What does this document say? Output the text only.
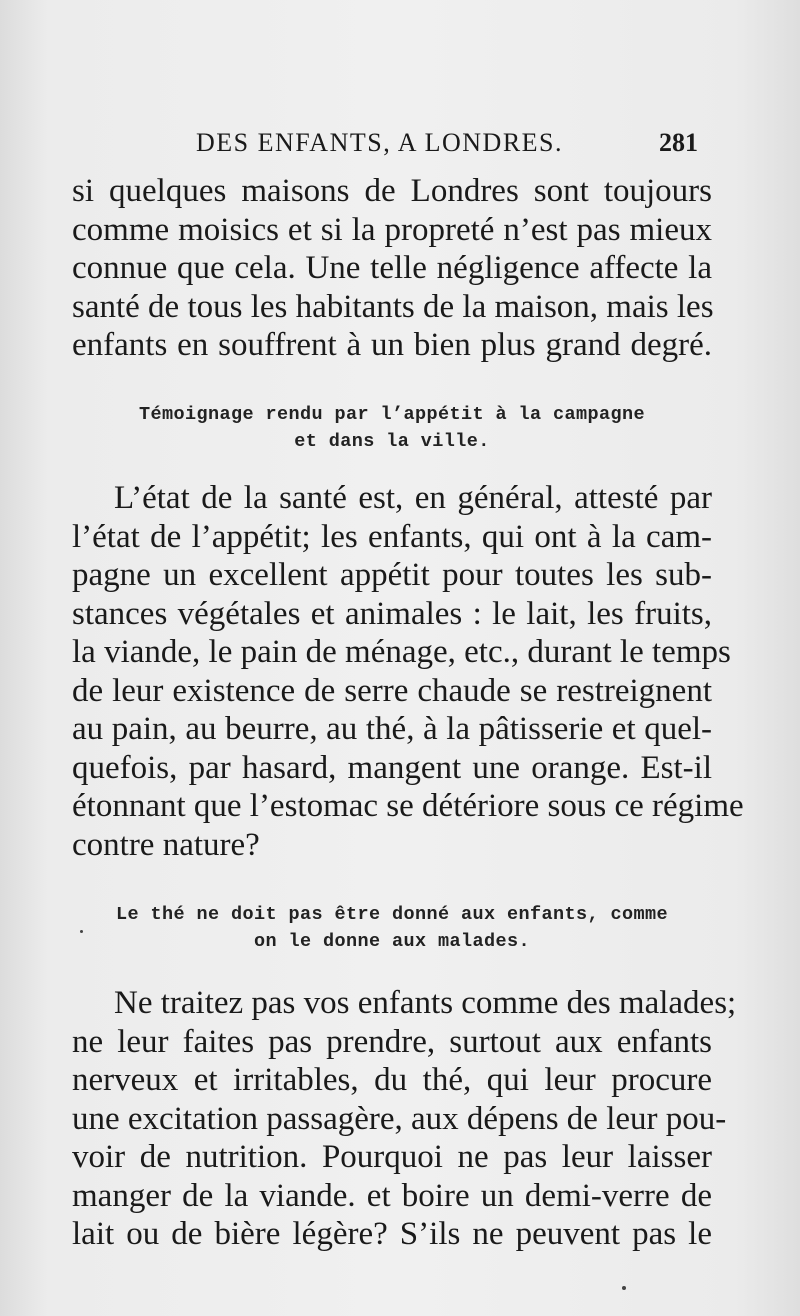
DES ENFANTS, A LONDRES.	281
si quelques maisons de Londres sont toujours
comme moisics et si la propreté n’est pas mieux
connue que cela. Une telle négligence affecte la
santé de tous les habitants de la maison, mais les
enfants en souffrent à un bien plus grand degré.
Témoignage rendu par l’appétit à la campagne
et dans la ville.
L’état de la santé est, en général, attesté par
l’état de l’appétit; les enfants, qui ont à la cam-
pagne un excellent appétit pour toutes les sub-
stances végétales et animales : le lait, les fruits,
la viande, le pain de ménage, etc., durant le temps
de leur existence de serre chaude se restreignent
au pain, au beurre, au thé, à la pâtisserie et quel-
quefois, par hasard, mangent une orange. Est-il
étonnant que l’estomac se détériore sous ce régime
contre nature?
Le thé ne doit pas être donné aux enfants, comme
on le donne aux malades.
Ne traitez pas vos enfants comme des malades;
ne leur faites pas prendre, surtout aux enfants
nerveux et irritables, du thé, qui leur procure
une excitation passagère, aux dépens de leur pou-
voir de nutrition. Pourquoi ne pas leur laisser
manger de la viande. et boire un demi-verre de
lait ou de bière légère? S’ils ne peuvent pas le
